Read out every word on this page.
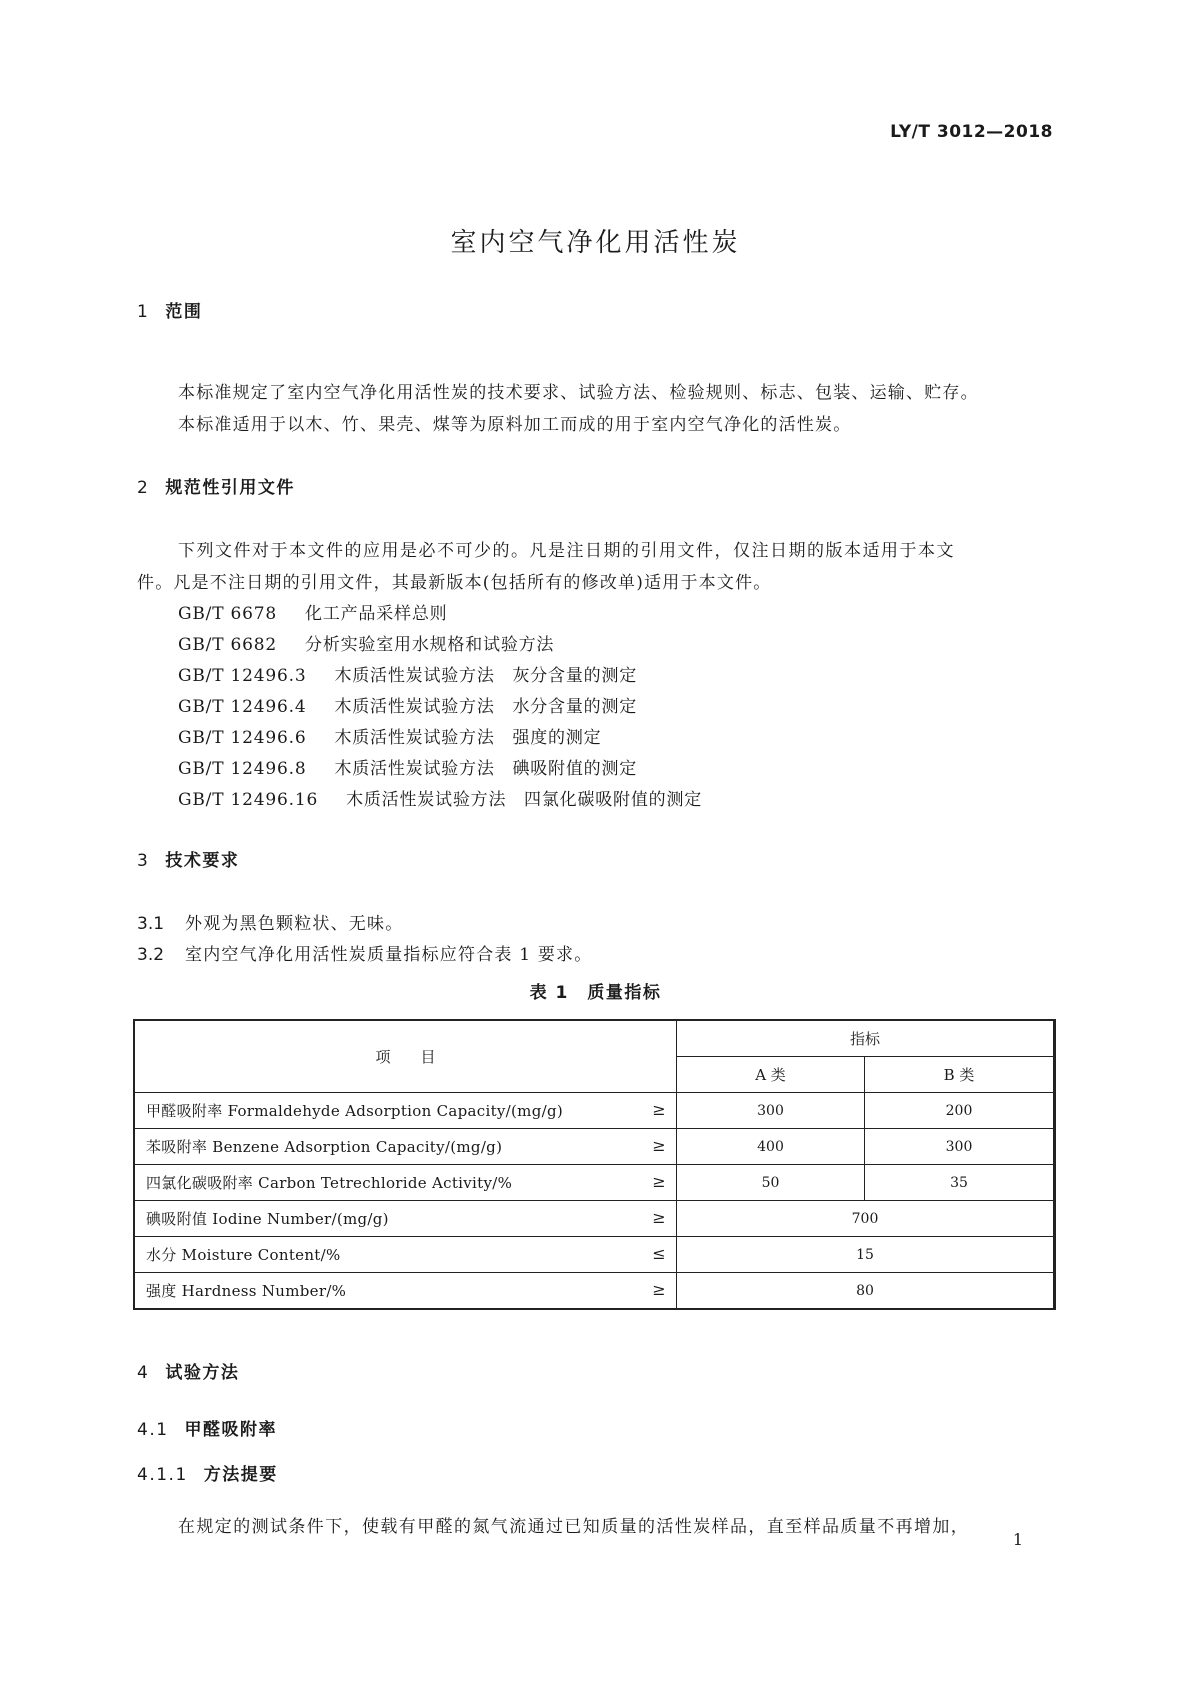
LY/T 3012—2018
室内空气净化用活性炭
1 范围
本标准规定了室内空气净化用活性炭的技术要求、试验方法、检验规则、标志、包装、运输、贮存。
本标准适用于以木、竹、果壳、煤等为原料加工而成的用于室内空气净化的活性炭。
2 规范性引用文件
下列文件对于本文件的应用是必不可少的。凡是注日期的引用文件，仅注日期的版本适用于本文
件。凡是不注日期的引用文件，其最新版本(包括所有的修改单)适用于本文件。
GB/T 6678 化工产品采样总则
GB/T 6682 分析实验室用水规格和试验方法
GB/T 12496.3 木质活性炭试验方法　灰分含量的测定
GB/T 12496.4 木质活性炭试验方法　水分含量的测定
GB/T 12496.6 木质活性炭试验方法　强度的测定
GB/T 12496.8 木质活性炭试验方法　碘吸附值的测定
GB/T 12496.16 木质活性炭试验方法　四氯化碳吸附值的测定
3 技术要求
3.1 外观为黑色颗粒状、无味。
3.2 室内空气净化用活性炭质量指标应符合表 1 要求。
表 1　质量指标
项　　目	指标	
	A 类	B 类
甲醛吸附率 Formaldehyde Adsorption Capacity/(mg/g) ≥	300	200
苯吸附率 Benzene Adsorption Capacity/(mg/g) ≥	400	300
四氯化碳吸附率 Carbon Tetrechloride Activity/% ≥	50	35
碘吸附值 Iodine Number/(mg/g) ≥	700	
水分 Moisture Content/% ≤	15	
强度 Hardness Number/% ≥	80	
4 试验方法
4.1 甲醛吸附率
4.1.1 方法提要
在规定的测试条件下，使载有甲醛的氮气流通过已知质量的活性炭样品，直至样品质量不再增加，
1
